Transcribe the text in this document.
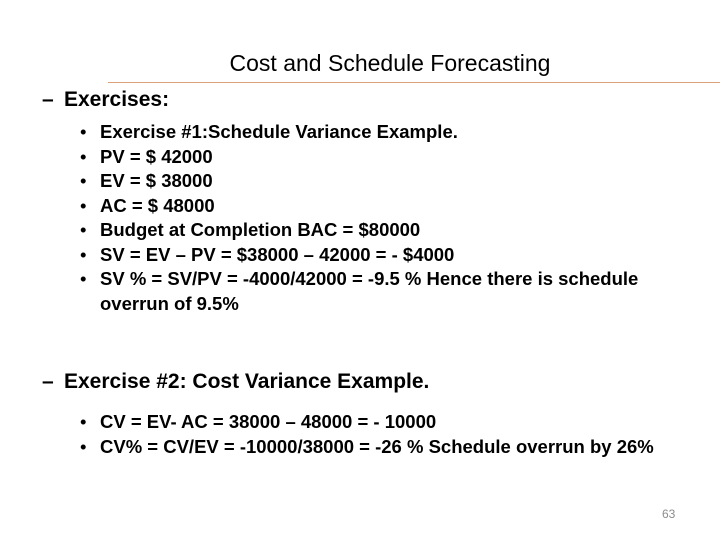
Cost and Schedule Forecasting
– Exercises:
• Exercise #1:Schedule Variance Example.
• PV = $ 42000
• EV = $ 38000
• AC = $ 48000
• Budget at Completion BAC = $80000
• SV = EV – PV = $38000 – 42000 = - $4000
• SV % = SV/PV = -4000/42000 = -9.5 % Hence there is schedule overrun of 9.5%
– Exercise #2: Cost Variance Example.
• CV = EV- AC = 38000 – 48000 = - 10000
• CV% = CV/EV = -10000/38000 = -26 % Schedule overrun by 26%
63
